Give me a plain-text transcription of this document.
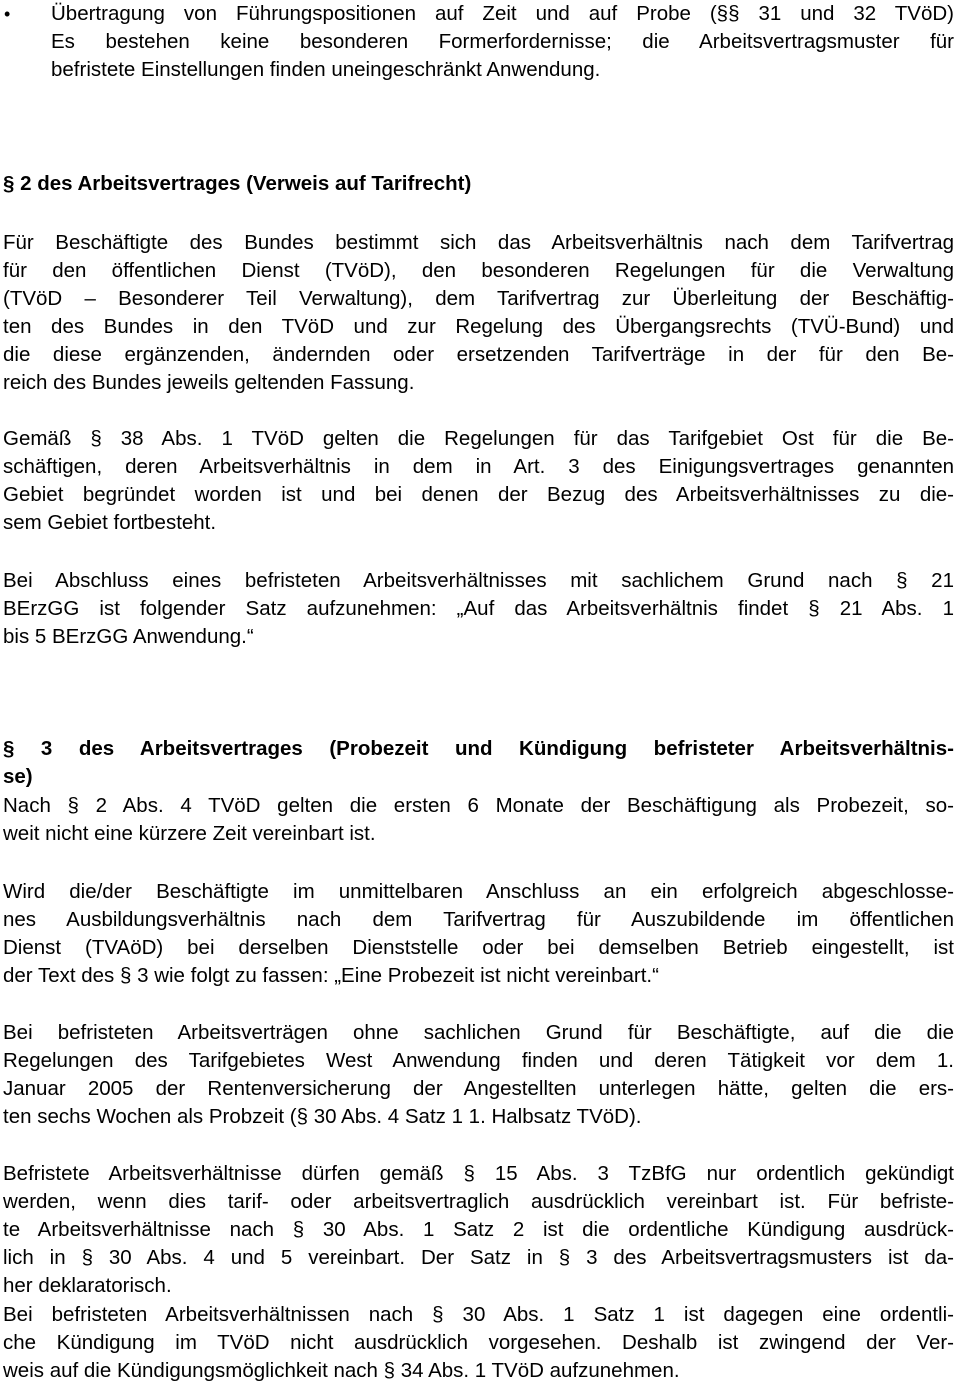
•	Übertragung von Führungspositionen auf Zeit und auf Probe (§§ 31 und 32 TVöD)
Es bestehen keine besonderen Formerfordernisse; die Arbeitsvertragsmuster für
befristete Einstellungen finden uneingeschränkt Anwendung.
§ 2 des Arbeitsvertrages (Verweis auf Tarifrecht)
Für Beschäftigte des Bundes bestimmt sich das Arbeitsverhältnis nach dem Tarifvertrag
für den öffentlichen Dienst (TVöD), den besonderen Regelungen für die Verwaltung
(TVöD – Besonderer Teil Verwaltung), dem Tarifvertrag zur Überleitung der Beschäftig-
ten des Bundes in den TVöD und zur Regelung des Übergangsrechts (TVÜ-Bund) und
die diese ergänzenden, ändernden oder ersetzenden Tarifverträge in der für den Be-
reich des Bundes jeweils geltenden Fassung.
Gemäß § 38 Abs. 1 TVöD gelten die Regelungen für das Tarifgebiet Ost für die Be-
schäftigen, deren Arbeitsverhältnis in dem in Art. 3 des Einigungsvertrages genannten
Gebiet begründet worden ist und bei denen der Bezug des Arbeitsverhältnisses zu die-
sem Gebiet fortbesteht.
Bei Abschluss eines befristeten Arbeitsverhältnisses mit sachlichem Grund nach § 21
BErzGG ist folgender Satz aufzunehmen: „Auf das Arbeitsverhältnis findet § 21 Abs. 1
bis 5 BErzGG Anwendung.“
§ 3 des Arbeitsvertrages (Probezeit und Kündigung befristeter Arbeitsverhältnis-
se)
Nach § 2 Abs. 4 TVöD gelten die ersten 6 Monate der Beschäftigung als Probezeit, so-
weit nicht eine kürzere Zeit vereinbart ist.
Wird die/der Beschäftigte im unmittelbaren Anschluss an ein erfolgreich abgeschlosse-
nes Ausbildungsverhältnis nach dem Tarifvertrag für Auszubildende im öffentlichen
Dienst (TVAöD) bei derselben Dienststelle oder bei demselben Betrieb eingestellt, ist
der Text des § 3 wie folgt zu fassen: „Eine Probezeit ist nicht vereinbart.“
Bei befristeten Arbeitsverträgen ohne sachlichen Grund für Beschäftigte, auf die die
Regelungen des Tarifgebietes West Anwendung finden und deren Tätigkeit vor dem 1.
Januar 2005 der Rentenversicherung der Angestellten unterlegen hätte, gelten die ers-
ten sechs Wochen als Probzeit (§ 30 Abs. 4 Satz 1 1. Halbsatz TVöD).
Befristete Arbeitsverhältnisse dürfen gemäß § 15 Abs. 3 TzBfG nur ordentlich gekündigt
werden, wenn dies tarif- oder arbeitsvertraglich ausdrücklich vereinbart ist. Für befriste-
te Arbeitsverhältnisse nach § 30 Abs. 1 Satz 2 ist die ordentliche Kündigung ausdrück-
lich in § 30 Abs. 4 und 5 vereinbart. Der Satz in § 3 des Arbeitsvertragsmusters ist da-
her deklaratorisch.
Bei befristeten Arbeitsverhältnissen nach § 30 Abs. 1 Satz 1 ist dagegen eine ordentli-
che Kündigung im TVöD nicht ausdrücklich vorgesehen. Deshalb ist zwingend der Ver-
weis auf die Kündigungsmöglichkeit nach § 34 Abs. 1 TVöD aufzunehmen.
